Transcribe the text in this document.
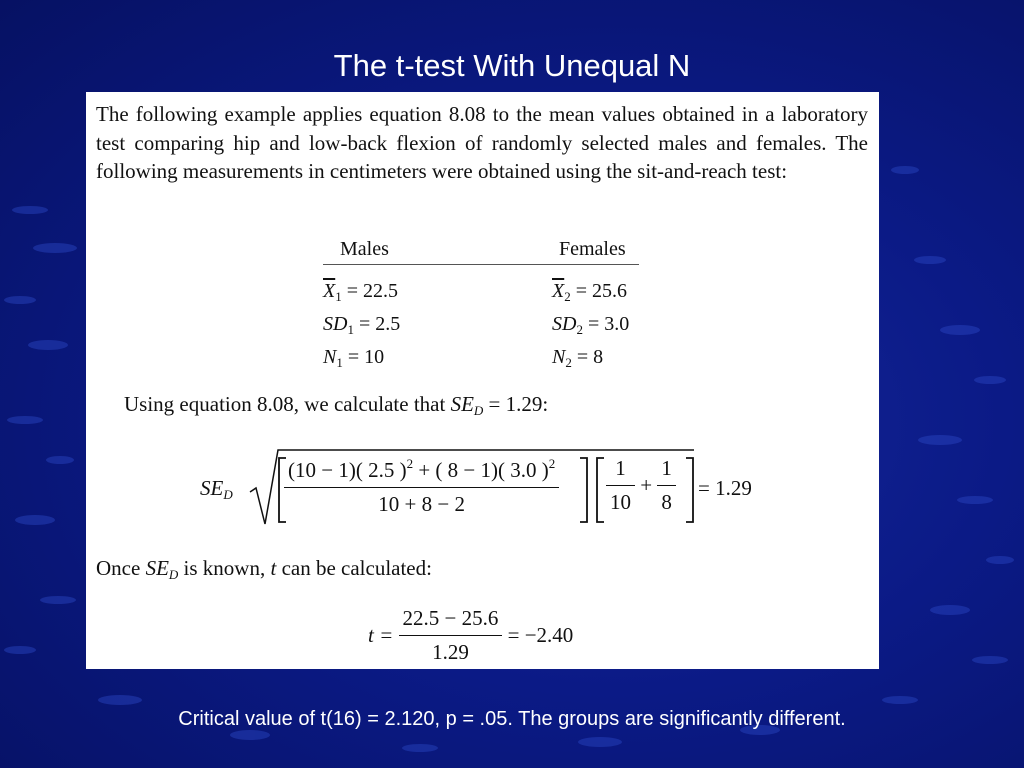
The t-test With Unequal N

The following example applies equation 8.08 to the mean values obtained in a laboratory test comparing hip and low-back flexion of randomly selected males and females. The following measurements in centimeters were obtained using the sit-and-reach test:

Males	Females
$\overline{X}_1 = 22.5$	$\overline{X}_2 = 25.6$
$SD_1 = 2.5$	$SD_2 = 3.0$
$N_1 = 10$	$N_2 = 8$
Using equation 8.08, we calculate that $SE_D = 1.29$:
$SE_D \frac{(10 - 1)( 2.5 )^2 + ( 8 - 1)( 3.0 )^2}{10 + 8 - 2} \frac{1}{10} + \frac{1}{8} = 1.29$
Once $SE_D$ is known, t can be calculated:
$t = \frac{22.5 - 25.6}{1.29} = -2.40$
Critical value of t(16) = 2.120, p = .05. The groups are significantly different.
